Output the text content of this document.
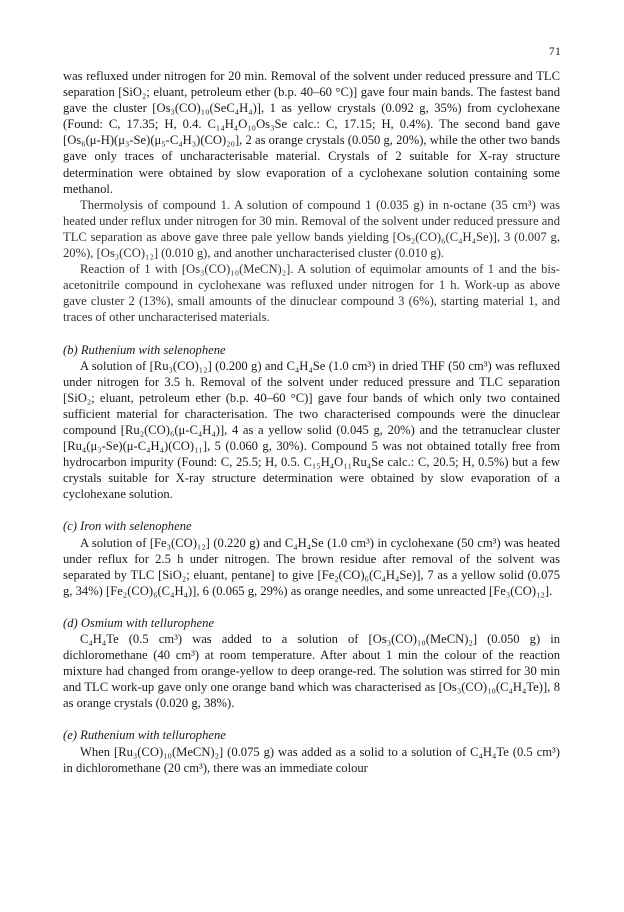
71

was refluxed under nitrogen for 20 min. Removal of the solvent under reduced pressure and TLC separation [SiO₂; eluant, petroleum ether (b.p. 40–60 °C)] gave four main bands. The fastest band gave the cluster [Os₃(CO)₁₀(SeC₄H₄)], 1 as yellow crystals (0.092 g, 35%) from cyclohexane (Found: C, 17.35; H, 0.4. C₁₄H₄O₁₀Os₃Se calc.: C, 17.15; H, 0.4%). The second band gave [Os₆(μ-H)(μ₃-Se)(μ₅-C₄H₃)(CO)₂₀], 2 as orange crystals (0.050 g, 20%), while the other two bands gave only traces of uncharacterisable material. Crystals of 2 suitable for X-ray structure determination were obtained by slow evaporation of a cyclohexane solution containing some methanol.

Thermolysis of compound 1. A solution of compound 1 (0.035 g) in n-octane (35 cm³) was heated under reflux under nitrogen for 30 min. Removal of the solvent under reduced pressure and TLC separation as above gave three pale yellow bands yielding [Os₂(CO)₆(C₄H₄Se)], 3 (0.007 g, 20%), [Os₃(CO)₁₂] (0.010 g), and another uncharacterised cluster (0.010 g).

Reaction of 1 with [Os₃(CO)₁₀(MeCN)₂]. A solution of equimolar amounts of 1 and the bis-acetonitrile compound in cyclohexane was refluxed under nitrogen for 1 h. Work-up as above gave cluster 2 (13%), small amounts of the dinuclear compound 3 (6%), starting material 1, and traces of other uncharacterised materials.

(b) Ruthenium with selenophene

A solution of [Ru₃(CO)₁₂] (0.200 g) and C₄H₄Se (1.0 cm³) in dried THF (50 cm³) was refluxed under nitrogen for 3.5 h. Removal of the solvent under reduced pressure and TLC separation [SiO₂; eluant, petroleum ether (b.p. 40–60 °C)] gave four bands of which only two contained sufficient material for characterisation. The two characterised compounds were the dinuclear compound [Ru₂(CO)₆(μ-C₄H₄)], 4 as a yellow solid (0.045 g, 20%) and the tetranuclear cluster [Ru₄(μ₃-Se)(μ-C₄H₄)(CO)₁₁], 5 (0.060 g, 30%). Compound 5 was not obtained totally free from hydrocarbon impurity (Found: C, 25.5; H, 0.5. C₁₅H₄O₁₁Ru₄Se calc.: C, 20.5; H, 0.5%) but a few crystals suitable for X-ray structure determination were obtained by slow evaporation of a cyclohexane solution.

(c) Iron with selenophene

A solution of [Fe₃(CO)₁₂] (0.220 g) and C₄H₄Se (1.0 cm³) in cyclohexane (50 cm³) was heated under reflux for 2.5 h under nitrogen. The brown residue after removal of the solvent was separated by TLC [SiO₂; eluant, pentane] to give [Fe₂(CO)₆(C₄H₄Se)], 7 as a yellow solid (0.075 g, 34%) [Fe₂(CO)₆(C₄H₄)], 6 (0.065 g, 29%) as orange needles, and some unreacted [Fe₃(CO)₁₂].

(d) Osmium with tellurophene

C₄H₄Te (0.5 cm³) was added to a solution of [Os₃(CO)₁₀(MeCN)₂] (0.050 g) in dichloromethane (40 cm³) at room temperature. After about 1 min the colour of the reaction mixture had changed from orange-yellow to deep orange-red. The solution was stirred for 30 min and TLC work-up gave only one orange band which was characterised as [Os₃(CO)₁₀(C₄H₄Te)], 8 as orange crystals (0.020 g, 38%).

(e) Ruthenium with tellurophene

When [Ru₃(CO)₁₀(MeCN)₂] (0.075 g) was added as a solid to a solution of C₄H₄Te (0.5 cm³) in dichloromethane (20 cm³), there was an immediate colour
